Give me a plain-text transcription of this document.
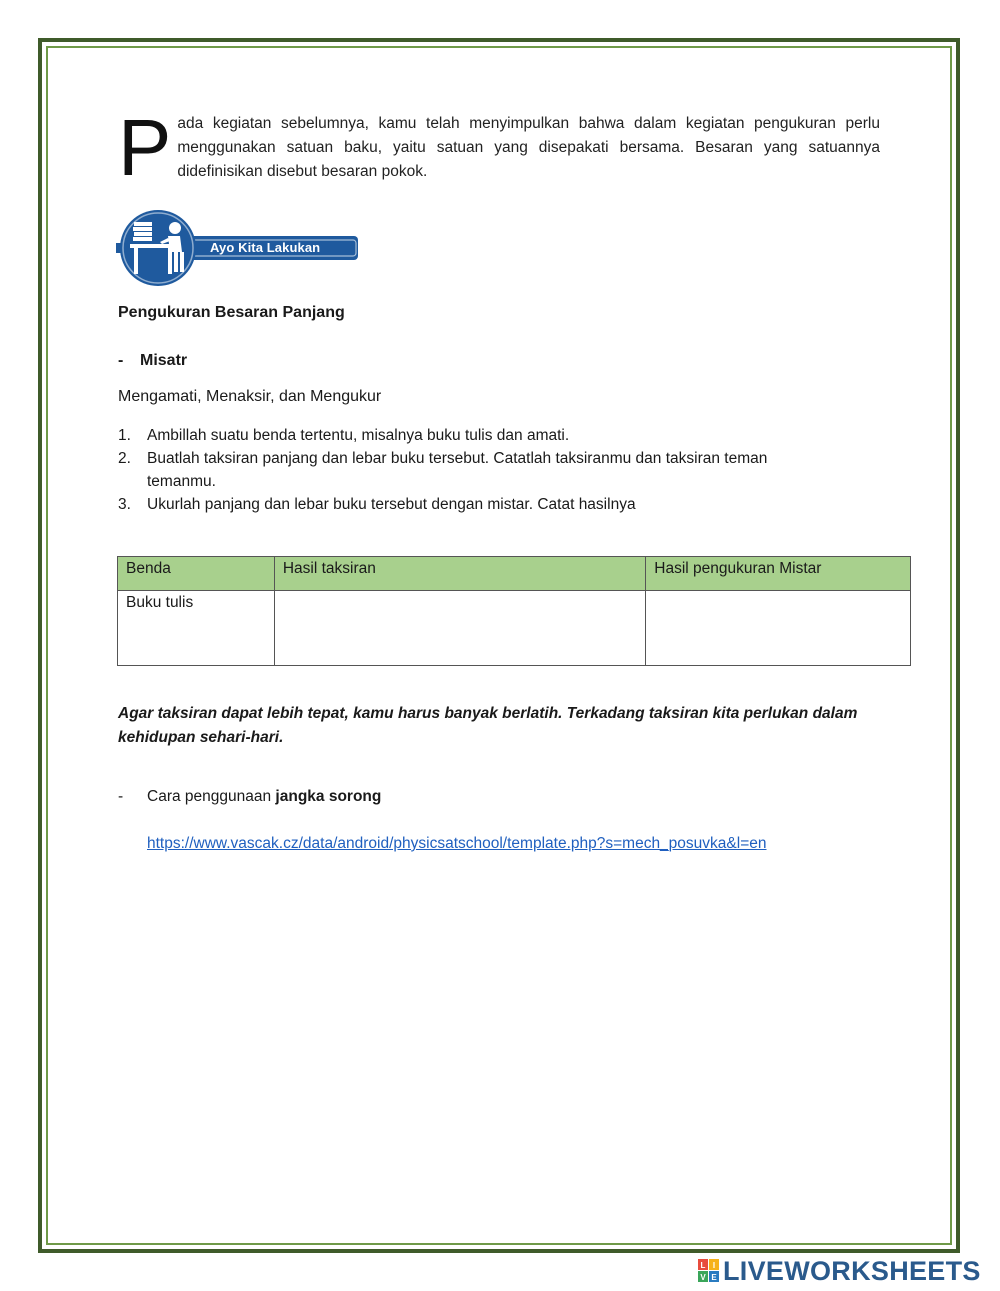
P ada kegiatan sebelumnya, kamu telah menyimpulkan bahwa dalam kegiatan pengukuran perlu menggunakan satuan baku, yaitu satuan yang disepakati bersama. Besaran yang satuannya didefinisikan disebut besaran pokok.
Ayo Kita Lakukan
Pengukuran Besaran Panjang
- Misatr
Mengamati, Menaksir, dan Mengukur
1. Ambillah suatu benda tertentu, misalnya buku tulis dan amati.
2. Buatlah taksiran panjang dan lebar buku tersebut. Catatlah taksiranmu dan taksiran teman temanmu.
3. Ukurlah panjang dan lebar buku tersebut dengan mistar. Catat hasilnya
Benda	Hasil taksiran	Hasil pengukuran Mistar
Buku tulis		
Agar taksiran dapat lebih tepat, kamu harus banyak berlatih. Terkadang taksiran kita perlukan dalam kehidupan sehari-hari.
- Cara penggunaan jangka sorong
https://www.vascak.cz/data/android/physicsatschool/template.php?s=mech_posuvka&l=en
L I
V E LIVEWORKSHEETS
